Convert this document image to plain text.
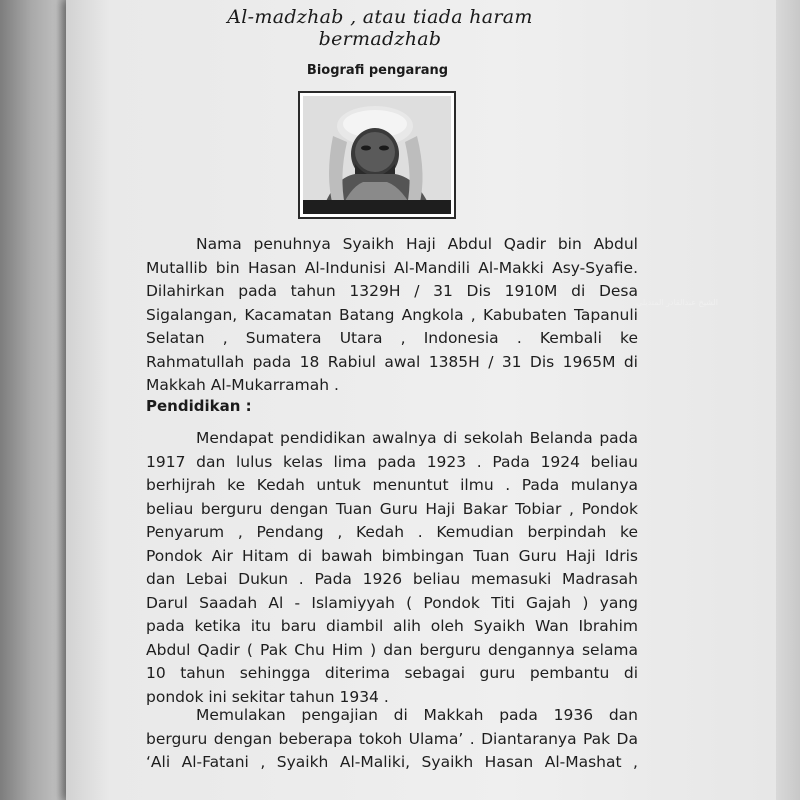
Al-madzhab , atau tiada haram bermadzhab
Biografi pengarang
الشيخ عبدالقادر المنديلي
Nama penuhnya Syaikh Haji Abdul Qadir bin Abdul
Mutallib bin Hasan Al-Indunisi Al-Mandili Al-Makki Asy-Syafie.
Dilahirkan pada tahun 1329H / 31 Dis 1910M di Desa
Sigalangan, Kacamatan Batang Angkola , Kabubaten Tapanuli
Selatan , Sumatera Utara , Indonesia . Kembali ke
Rahmatullah pada 18 Rabiul awal 1385H / 31 Dis 1965M di
Makkah Al-Mukarramah .
Pendidikan :
Mendapat pendidikan awalnya di sekolah Belanda pada
1917 dan lulus kelas lima pada 1923 . Pada 1924 beliau
berhijrah ke Kedah untuk menuntut ilmu . Pada mulanya
beliau berguru dengan Tuan Guru Haji Bakar Tobiar , Pondok
Penyarum , Pendang , Kedah . Kemudian berpindah ke
Pondok Air Hitam di bawah bimbingan Tuan Guru Haji Idris
dan Lebai Dukun . Pada 1926 beliau memasuki Madrasah
Darul Saadah Al - Islamiyyah ( Pondok Titi Gajah ) yang
pada ketika itu baru diambil alih oleh Syaikh Wan Ibrahim
Abdul Qadir ( Pak Chu Him ) dan berguru dengannya selama
10 tahun sehingga diterima sebagai guru pembantu di
pondok ini sekitar tahun 1934 .
Memulakan pengajian di Makkah pada 1936 dan
berguru dengan beberapa tokoh Ulama’ . Diantaranya Pak Da
‘Ali Al-Fatani , Syaikh Al-Maliki, Syaikh Hasan Al-Mashat ,
